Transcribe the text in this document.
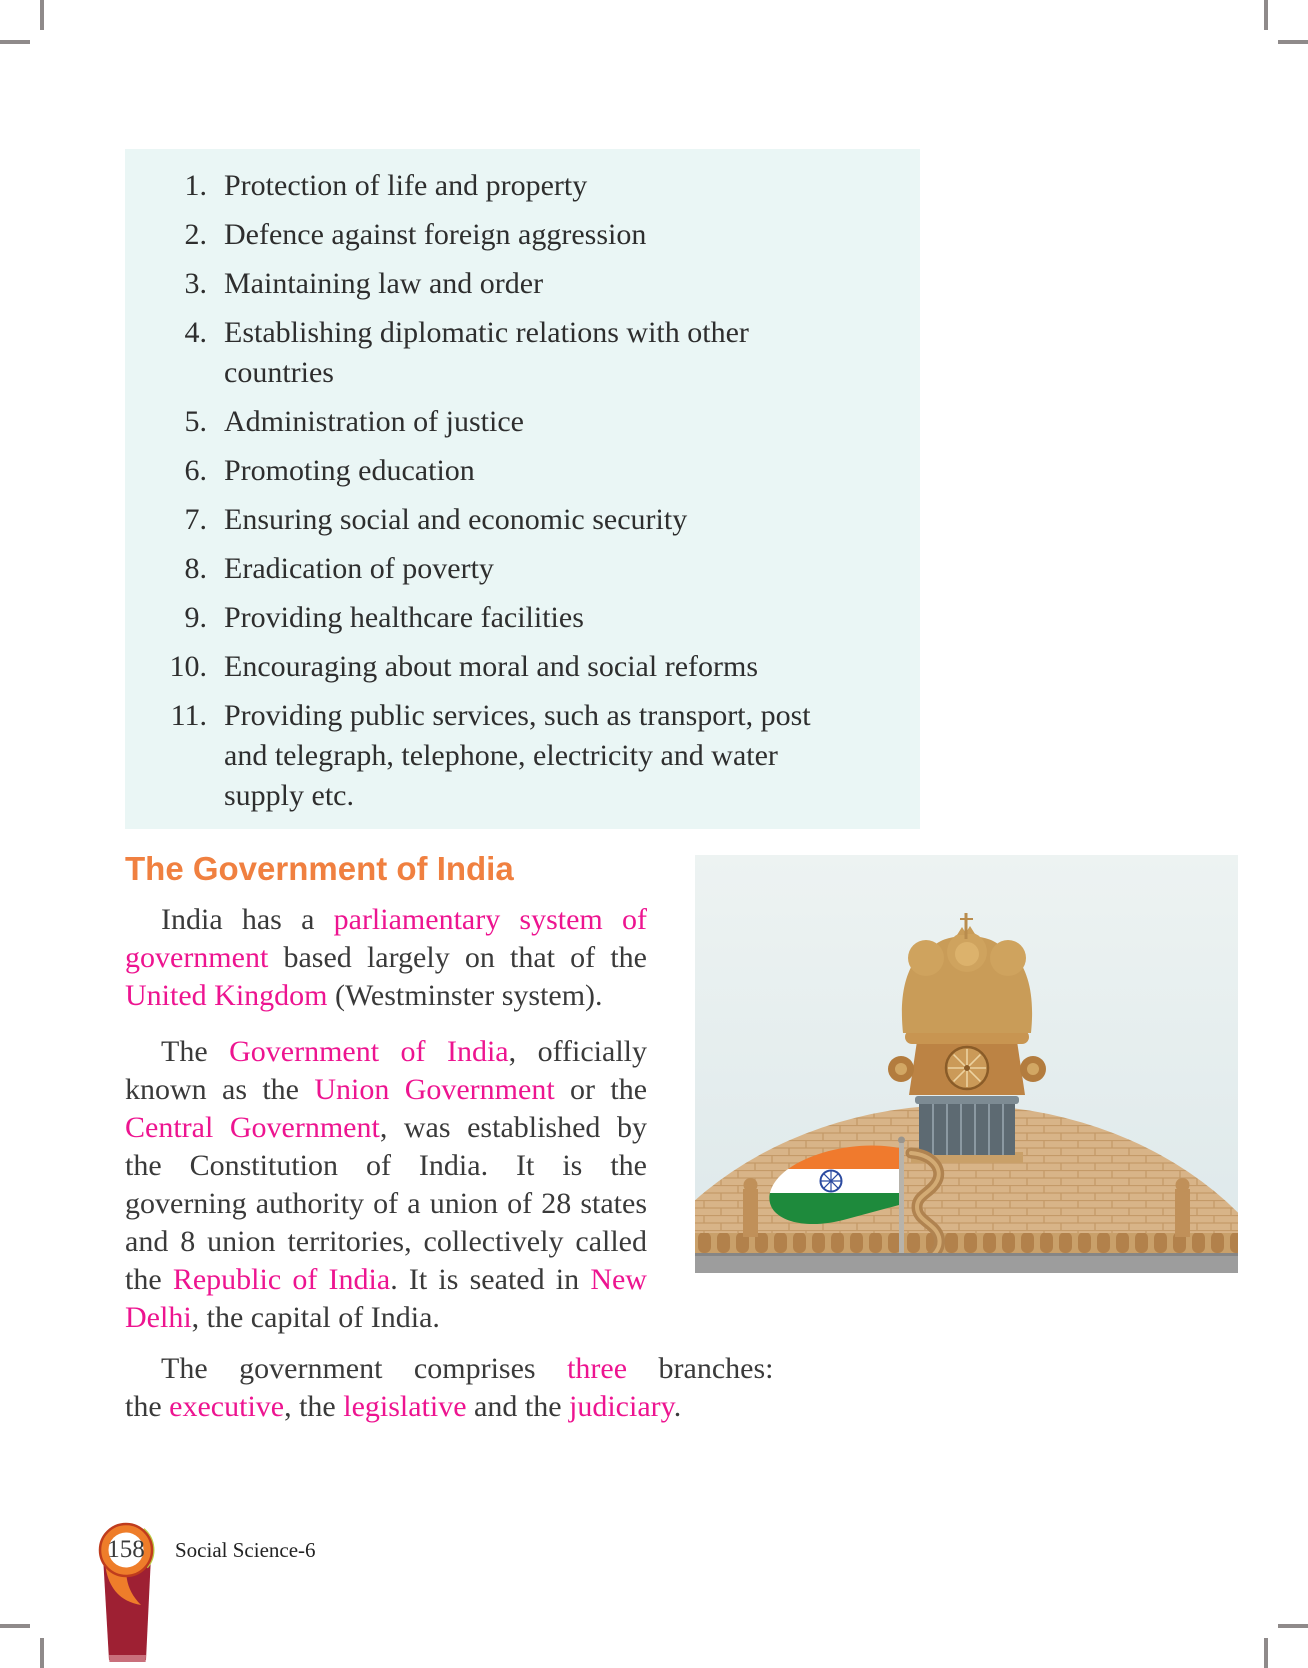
1. Protection of life and property
2. Defence against foreign aggression
3. Maintaining law and order
4. Establishing diplomatic relations with other countries
5. Administration of justice
6. Promoting education
7. Ensuring social and economic security
8. Eradication of poverty
9. Providing healthcare facilities
10. Encouraging about moral and social reforms
11. Providing public services, such as transport, post and telegraph, telephone, electricity and water supply etc.
The Government of India

India has a parliamentary system of government based largely on that of the United Kingdom (Westminster system).

The Government of India, officially known as the Union Government or the Central Government, was established by the Constitution of India. It is the governing authority of a union of 28 states and 8 union territories, collectively called the Republic of India. It is seated in New Delhi, the capital of India.

The government comprises three branches:
the executive, the legislative and the judiciary.

158	Social Science-6
